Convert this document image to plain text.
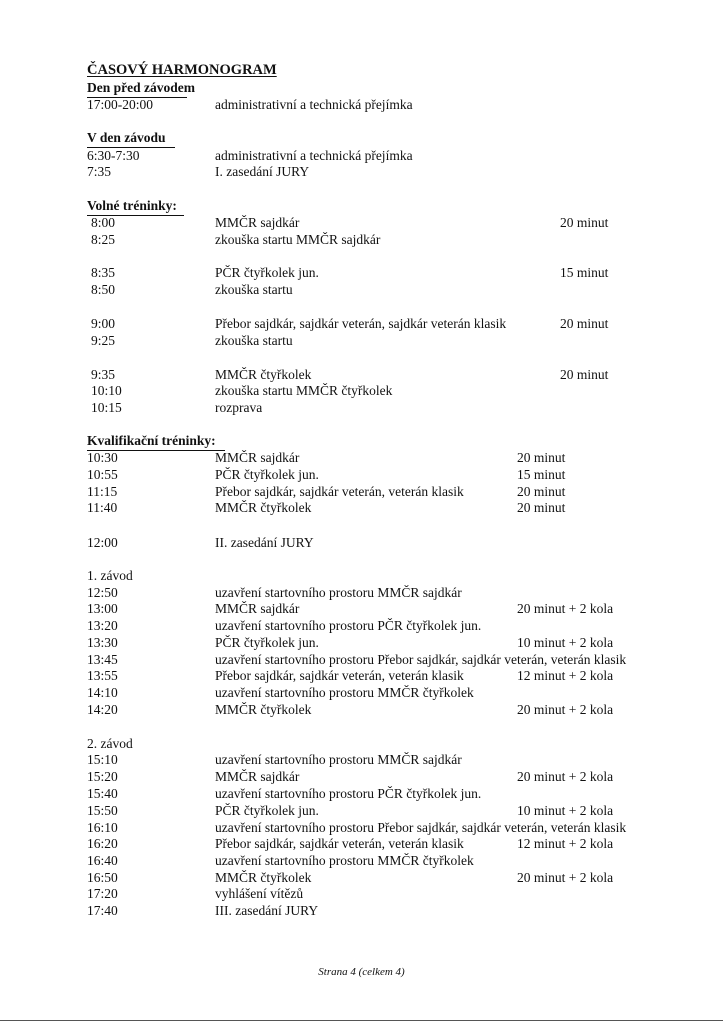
ČASOVÝ HARMONOGRAM
Den před závodem
17:00-20:00	administrativní a technická přejímka
V den závodu
6:30-7:30	administrativní a technická přejímka
7:35	I. zasedání JURY
Volné tréninky:
8:00	MMČR sajdkár	20 minut
8:25	zkouška startu MMČR sajdkár
8:35	PČR čtyřkolek jun.	15 minut
8:50	zkouška startu
9:00	Přebor sajdkár, sajdkár veterán, sajdkár veterán klasik	20 minut
9:25	zkouška startu
9:35	MMČR čtyřkolek	20 minut
10:10	zkouška startu MMČR čtyřkolek
10:15	rozprava
Kvalifikační tréninky:
10:30	MMČR sajdkár	20 minut
10:55	PČR čtyřkolek jun.	15 minut
11:15	Přebor sajdkár, sajdkár veterán, veterán klasik	20 minut
11:40	MMČR čtyřkolek	20 minut
12:00	II. zasedání JURY
1. závod
12:50	uzavření startovního prostoru MMČR sajdkár
13:00	MMČR sajdkár	20 minut + 2 kola
13:20	uzavření startovního prostoru PČR čtyřkolek jun.
13:30	PČR čtyřkolek jun.	10 minut + 2 kola
13:45	uzavření startovního prostoru Přebor sajdkár, sajdkár veterán, veterán klasik
13:55	Přebor sajdkár, sajdkár veterán, veterán klasik	12 minut + 2 kola
14:10	uzavření startovního prostoru MMČR čtyřkolek
14:20	MMČR čtyřkolek	20 minut + 2 kola
2. závod
15:10	uzavření startovního prostoru MMČR sajdkár
15:20	MMČR sajdkár	20 minut + 2 kola
15:40	uzavření startovního prostoru PČR čtyřkolek jun.
15:50	PČR čtyřkolek jun.	10 minut + 2 kola
16:10	uzavření startovního prostoru Přebor sajdkár, sajdkár veterán, veterán klasik
16:20	Přebor sajdkár, sajdkár veterán, veterán klasik	12 minut + 2 kola
16:40	uzavření startovního prostoru MMČR čtyřkolek
16:50	MMČR čtyřkolek	20 minut + 2 kola
17:20	vyhlášení vítězů
17:40	III. zasedání JURY
Strana 4 (celkem 4)
